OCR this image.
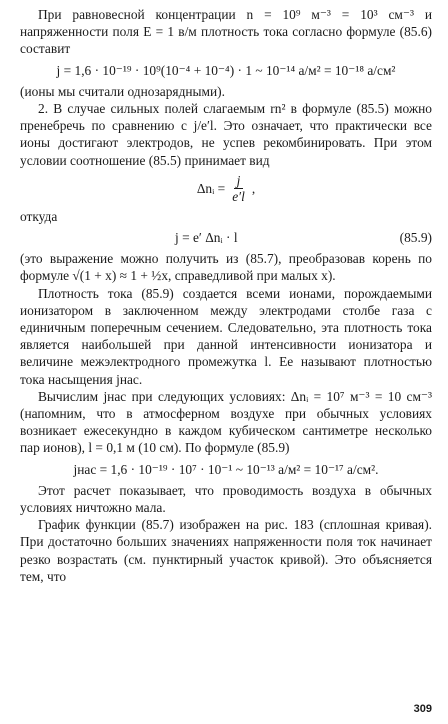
При равновесной концентрации n = 10⁹ м⁻³ = 10³ см⁻³ и напряженности поля E = 1 в/м плотность тока согласно формуле (85.6) составит

j = 1,6 · 10⁻¹⁹ · 10⁹(10⁻⁴ + 10⁻⁴) · 1 ~ 10⁻¹⁴ а/м² = 10⁻¹⁸ а/см²

(ионы мы считали однозарядными).

2. В случае сильных полей слагаемым rn² в формуле (85.5) можно пренебречь по сравнению с j/e′l. Это означает, что практически все ионы достигают электродов, не успев рекомбинировать. При этом условии соотношение (85.5) принимает вид

Δnᵢ = $\frac{j}{e'l}$ ,

откуда

j = e′ Δnᵢ · l	(85.9)

(это выражение можно получить из (85.7), преобразовав корень по формуле √(1 + x) ≈ 1 + ½x, справедливой при малых x).

Плотность тока (85.9) создается всеми ионами, порождаемыми ионизатором в заключенном между электродами столбе газа с единичным поперечным сечением. Следовательно, эта плотность тока является наибольшей при данной интенсивности ионизатора и величине межэлектродного промежутка l. Ее называют плотностью тока насыщения jнас.

Вычислим jнас при следующих условиях: Δnᵢ = 10⁷ м⁻³ = 10 см⁻³ (напомним, что в атмосферном воздухе при обычных условиях возникает ежесекундно в каждом кубическом сантиметре несколько пар ионов), l = 0,1 м (10 см). По формуле (85.9)

jнас = 1,6 · 10⁻¹⁹ · 10⁷ · 10⁻¹ ~ 10⁻¹³ а/м² = 10⁻¹⁷ а/см².

Этот расчет показывает, что проводимость воздуха в обычных условиях ничтожно мала.

График функции (85.7) изображен на рис. 183 (сплошная кривая). При достаточно больших значениях напряженности поля ток начинает резко возрастать (см. пунктирный участок кривой). Это объясняется тем, что

309
